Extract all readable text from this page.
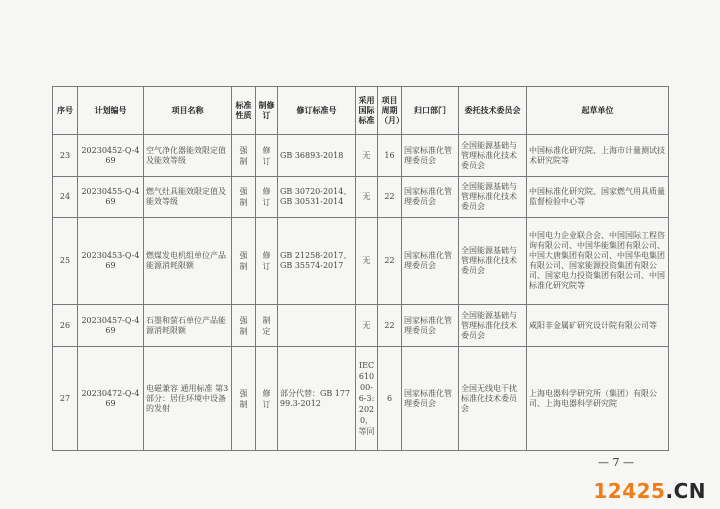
序号	计划编号	项目名称	标准性质	制修订	修订标准号	采用国际标准	项目周期（月）	归口部门	委托技术委员会	起草单位
23	20230452-Q-469	空气净化器能效限定值及能效等级	强制	修订	GB 36893-2018	无	16	国家标准化管理委员会	全国能源基础与管理标准化技术委员会	中国标准化研究院、上海市计量测试技术研究院等
24	20230455-Q-469	燃气灶具能效限定值及能效等级	强制	修订	GB 30720-2014、GB 30531-2014	无	22	国家标准化管理委员会	全国能源基础与管理标准化技术委员会	中国标准化研究院、国家燃气用具质量监督检验中心等
25	20230453-Q-469	燃煤发电机组单位产品能源消耗限额	强制	修订	GB 21258-2017、GB 35574-2017	无	22	国家标准化管理委员会	全国能源基础与管理标准化技术委员会	中国电力企业联合会、中国国际工程咨询有限公司、中国华能集团有限公司、中国大唐集团有限公司、中国华电集团有限公司、国家能源投资集团有限公司、国家电力投资集团有限公司、中国标准化研究院等
26	20230457-Q-469	石墨和萤石单位产品能源消耗限额	强制	制定		无	22	国家标准化管理委员会	全国能源基础与管理标准化技术委员会	咸阳非金属矿研究设计院有限公司等
27	20230472-Q-469	电磁兼容 通用标准 第3部分：居住环境中设备的发射	强制	修订	部分代替：GB 17799.3-2012	IEC 61000-6-3:2020，等同	6	国家标准化管理委员会	全国无线电干扰标准化技术委员会	上海电器科学研究所（集团）有限公司、上海电器科学研究院
— 7 —
12425.CN
